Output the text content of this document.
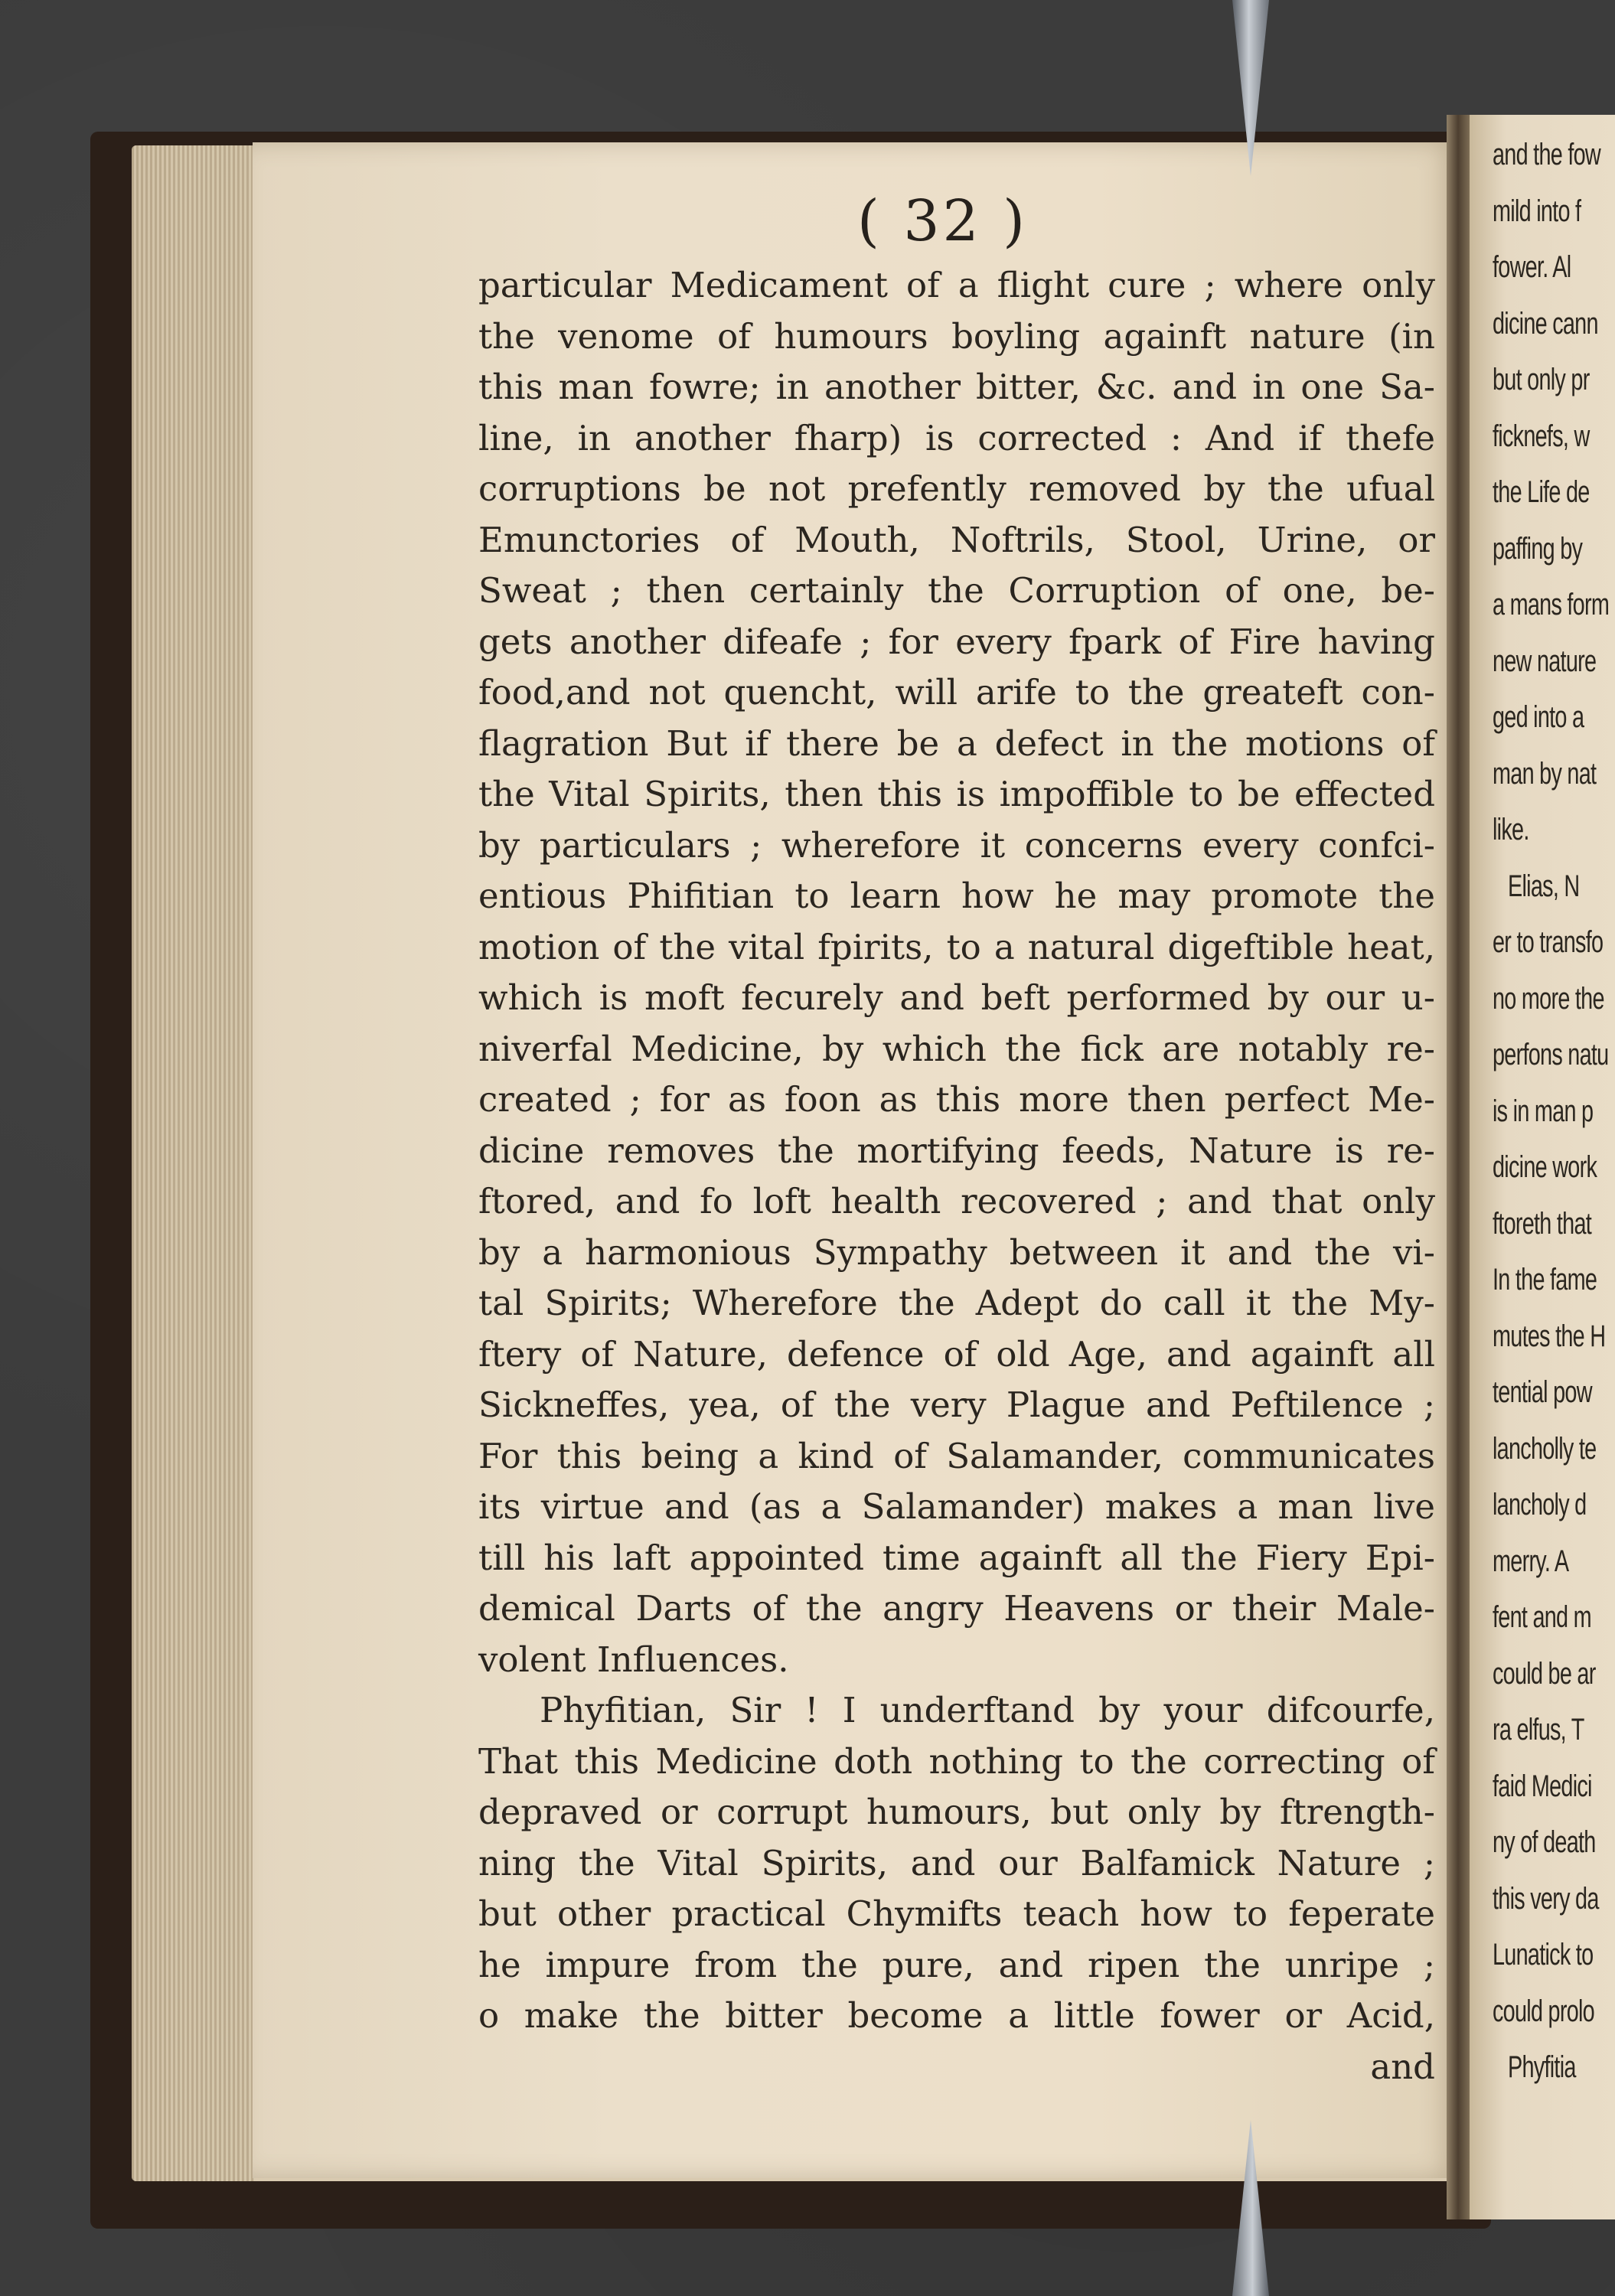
( 32 )
particular Medicament of a flight cure ; where only
the venome of humours boyling againft nature (in
this man fowre; in another bitter, &c. and in one Sa-
line, in another fharp) is corrected : And if thefe
corruptions be not prefently removed by the ufual
Emunctories of Mouth, Noftrils, Stool, Urine, or
Sweat ; then certainly the Corruption of one, be-
gets another difeafe ; for every fpark of Fire having
food,and not quencht, will arife to the greateft con-
flagration But if there be a defect in the motions of
the Vital Spirits, then this is impoffible to be effected
by particulars ; wherefore it concerns every confci-
entious Phifitian to learn how he may promote the
motion of the vital fpirits, to a natural digeftible heat,
which is moft fecurely and beft performed by our u-
niverfal Medicine, by which the fick are notably re-
created ; for as foon as this more then perfect Me-
dicine removes the mortifying feeds, Nature is re-
ftored, and fo loft health recovered ; and that only
by a harmonious Sympathy between it and the vi-
tal Spirits; Wherefore the Adept do call it the My-
ftery of Nature, defence of old Age, and againft all
Sickneffes, yea, of the very Plague and Peftilence ;
For this being a kind of Salamander, communicates
its virtue and (as a Salamander) makes a man live
till his laft appointed time againft all the Fiery Epi-
demical Darts of the angry Heavens or their Male-
volent Influences.
Phyfitian, Sir ! I underftand by your difcourfe,
That this Medicine doth nothing to the correcting of
depraved or corrupt humours, but only by ftrength-
ning the Vital Spirits, and our Balfamick Nature ;
but other practical Chymifts teach how to feperate
he impure from the pure, and ripen the unripe ;
o make the bitter become a little fower or Acid,
and
and the fow
mild into f
fower. Al
dicine cann
but only pr
ficknefs, w
the Life de
paffing by
a mans form
new nature
ged into a
man by nat
like.
Elias, N
er to transfo
no more the
perfons natu
is in man p
dicine work
ftoreth that
In the fame
mutes the H
tential pow
lancholly te
lancholy d
merry. A
fent and m
could be ar
ra elfus, T
faid Medici
ny of death
this very da
Lunatick to
could prolo
Phyfitia
